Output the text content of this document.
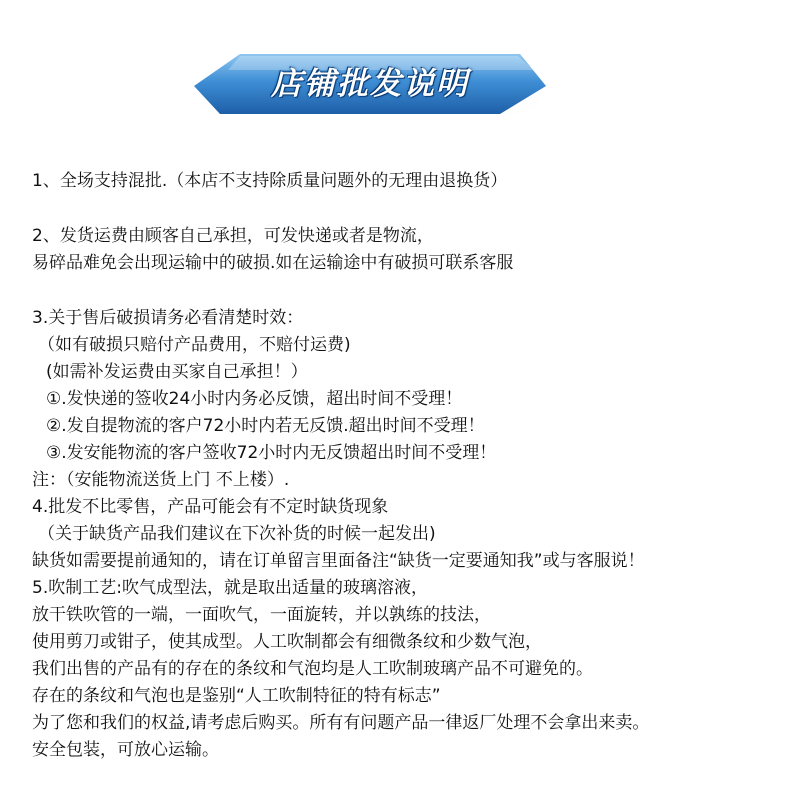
店铺批发说明
1、全场支持混批.（本店不支持除质量问题外的无理由退换货）
2、发货运费由顾客自己承担，可发快递或者是物流，
易碎品难免会出现运输中的破损.如在运输途中有破损可联系客服
3.关于售后破损请务必看清楚时效：
（如有破损只赔付产品费用，不赔付运费)
(如需补发运费由买家自己承担！）
①.发快递的签收24小时内务必反馈，超出时间不受理！
②.发自提物流的客户72小时内若无反馈.超出时间不受理！
③.发安能物流的客户签收72小时内无反馈超出时间不受理！
注：（安能物流送货上门 不上楼）.
4.批发不比零售，产品可能会有不定时缺货现象
（关于缺货产品我们建议在下次补货的时候一起发出)
缺货如需要提前通知的，请在订单留言里面备注“缺货一定要通知我”或与客服说！
5.吹制工艺:吹气成型法，就是取出适量的玻璃溶液，
放干铁吹管的一端，一面吹气，一面旋转，并以孰练的技法，
使用剪刀或钳子，使其成型。人工吹制都会有细微条纹和少数气泡，
我们出售的产品有的存在的条纹和气泡均是人工吹制玻璃产品不可避免的。
存在的条纹和气泡也是鉴别“人工吹制特征的特有标志”
为了您和我们的权益,请考虑后购买。所有有问题产品一律返厂处理不会拿出来卖。
安全包装，可放心运输。
